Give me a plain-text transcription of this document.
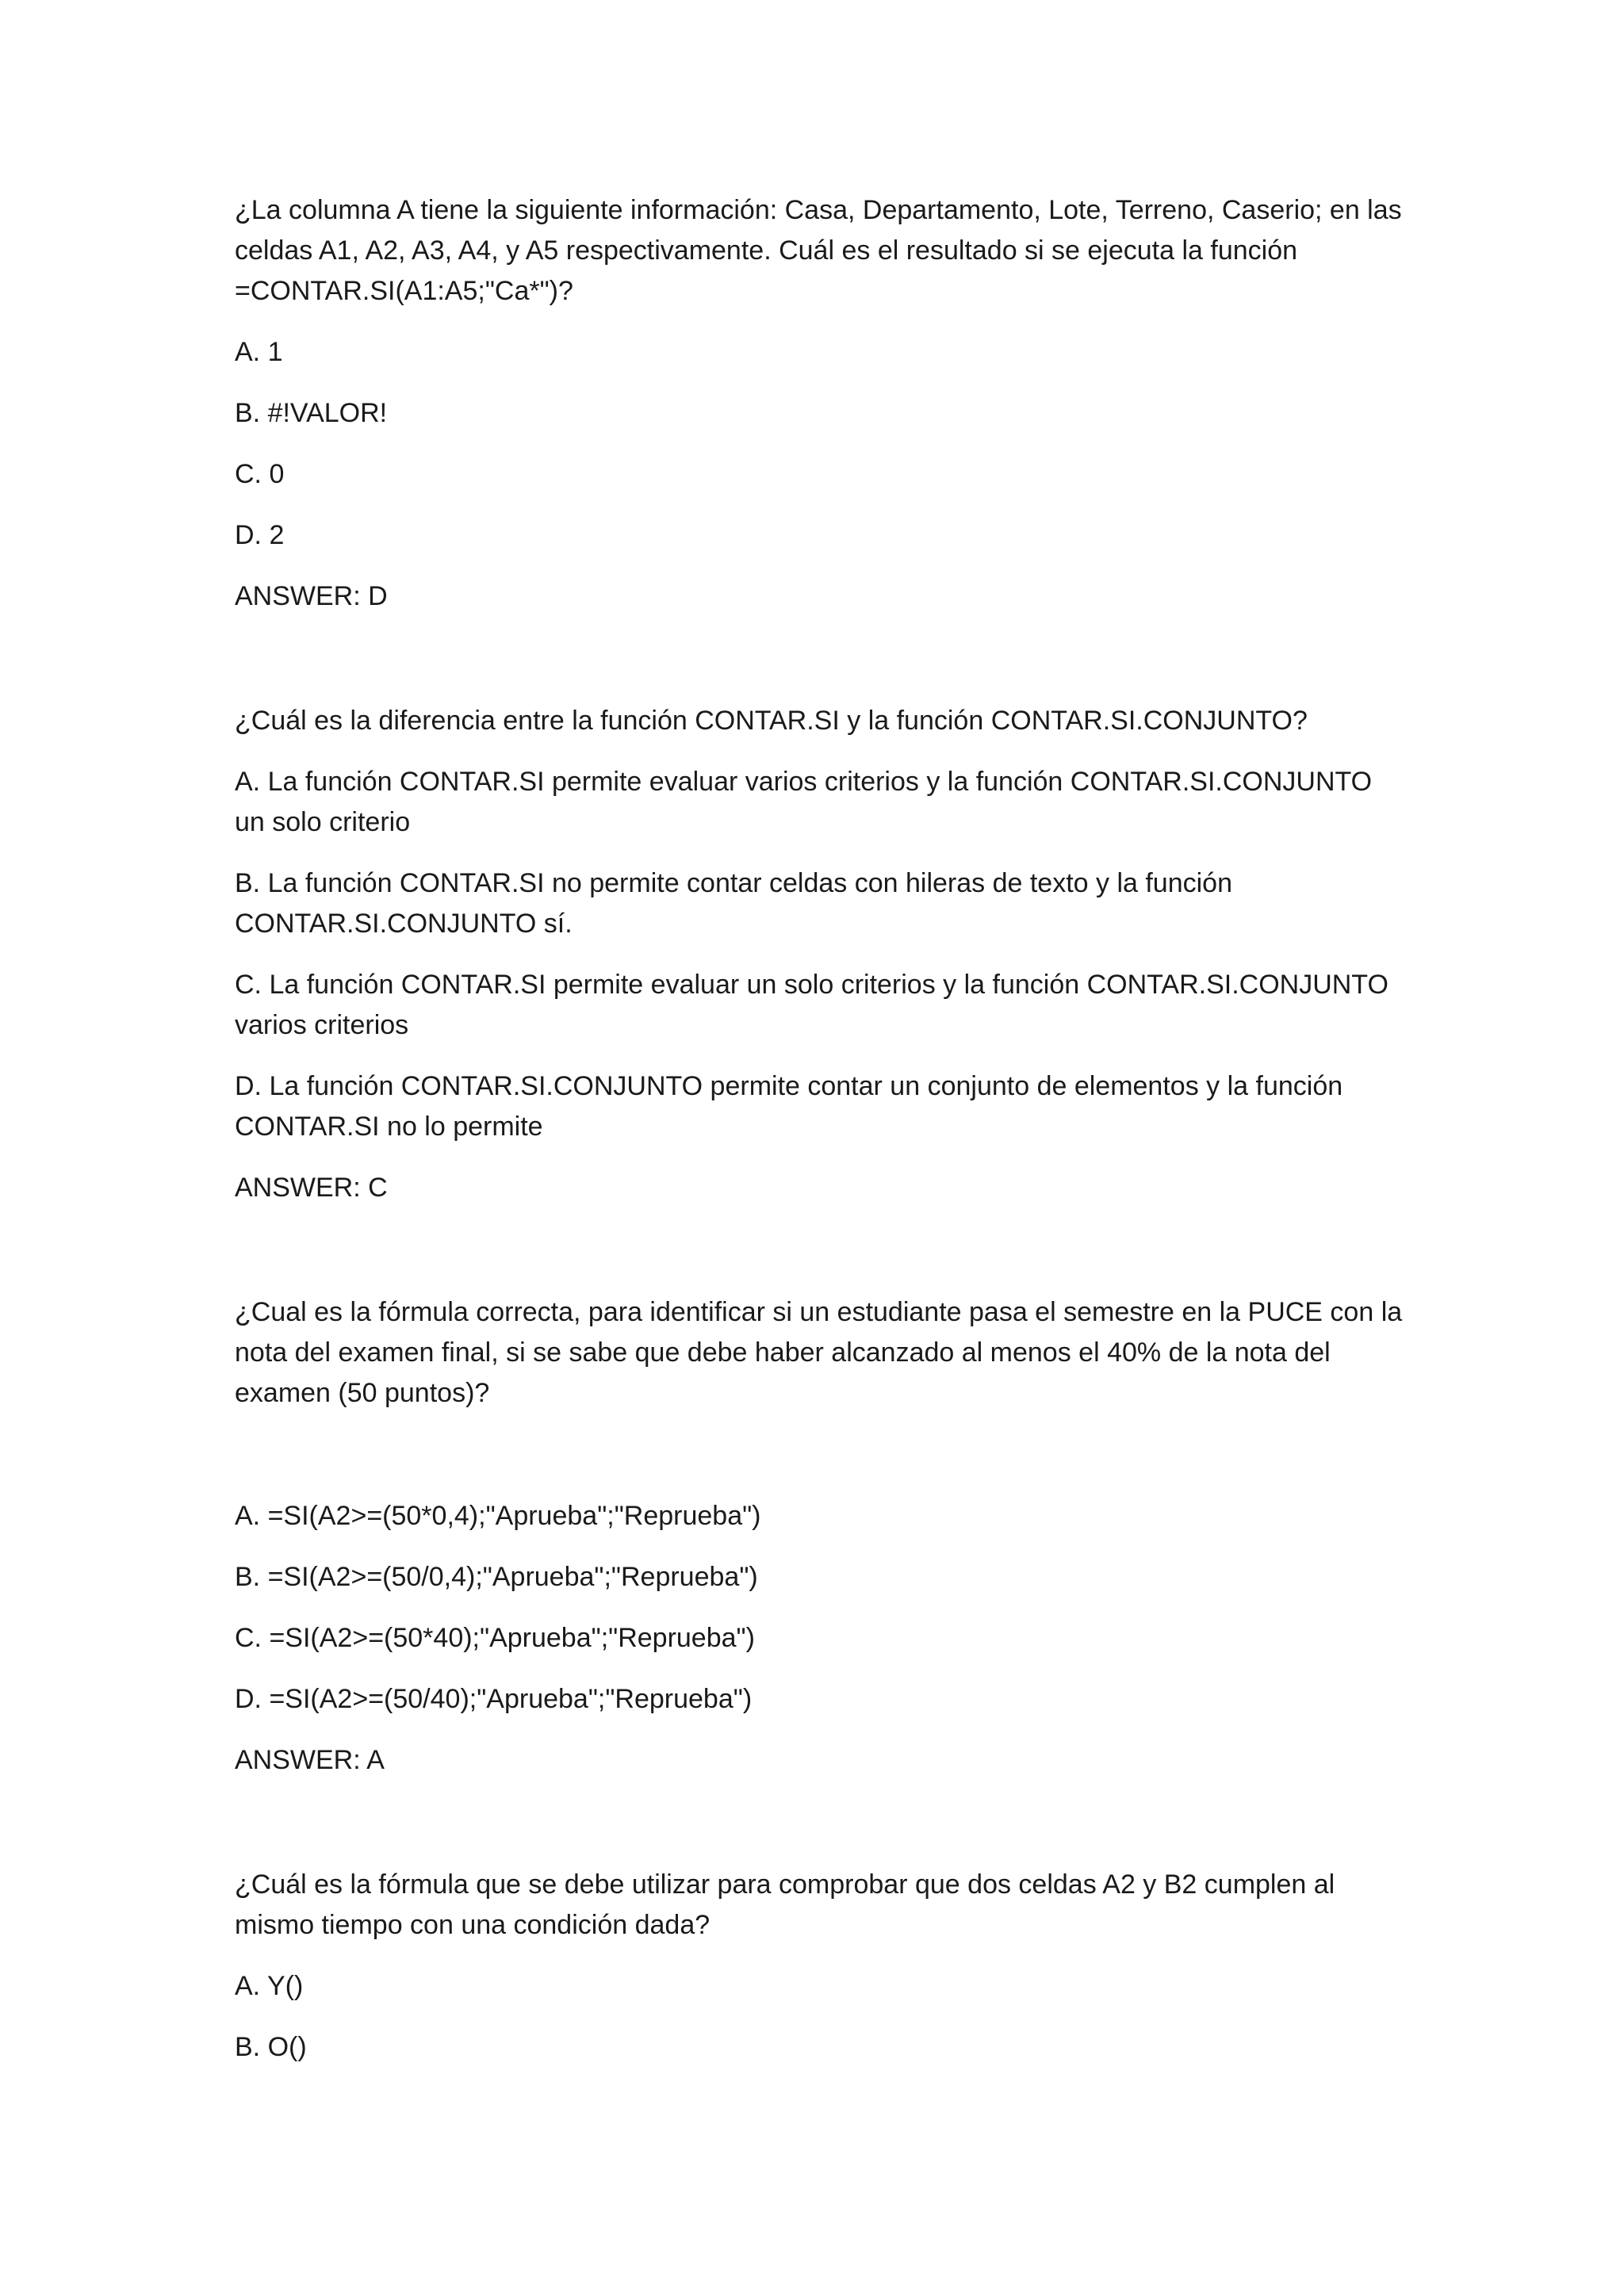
¿La columna A tiene la siguiente información: Casa, Departamento, Lote, Terreno, Caserio; en las celdas A1, A2, A3, A4, y A5 respectivamente. Cuál es el resultado si se ejecuta la función =CONTAR.SI(A1:A5;"Ca*")?

A. 1

B. #!VALOR!

C. 0

D. 2

ANSWER: D

¿Cuál es la diferencia entre la función CONTAR.SI y la función CONTAR.SI.CONJUNTO?

A. La función CONTAR.SI permite evaluar varios criterios y la función CONTAR.SI.CONJUNTO un solo criterio

B. La función CONTAR.SI no permite contar celdas con hileras de texto y la función CONTAR.SI.CONJUNTO sí.

C. La función CONTAR.SI permite evaluar un solo criterios y la función CONTAR.SI.CONJUNTO varios criterios

D. La función CONTAR.SI.CONJUNTO permite contar un conjunto de elementos y la función CONTAR.SI no lo permite

ANSWER: C

¿Cual es la fórmula correcta, para identificar si un estudiante pasa el semestre en la PUCE con la nota del examen final, si se sabe que debe haber alcanzado al menos el 40% de la nota del examen (50 puntos)?

A. =SI(A2>=(50*0,4);"Aprueba";"Reprueba")

B. =SI(A2>=(50/0,4);"Aprueba";"Reprueba")

C. =SI(A2>=(50*40);"Aprueba";"Reprueba")

D. =SI(A2>=(50/40);"Aprueba";"Reprueba")

ANSWER: A

¿Cuál es la fórmula que se debe utilizar para comprobar que dos celdas A2 y B2 cumplen al mismo tiempo con una condición dada?

A. Y()

B. O()
